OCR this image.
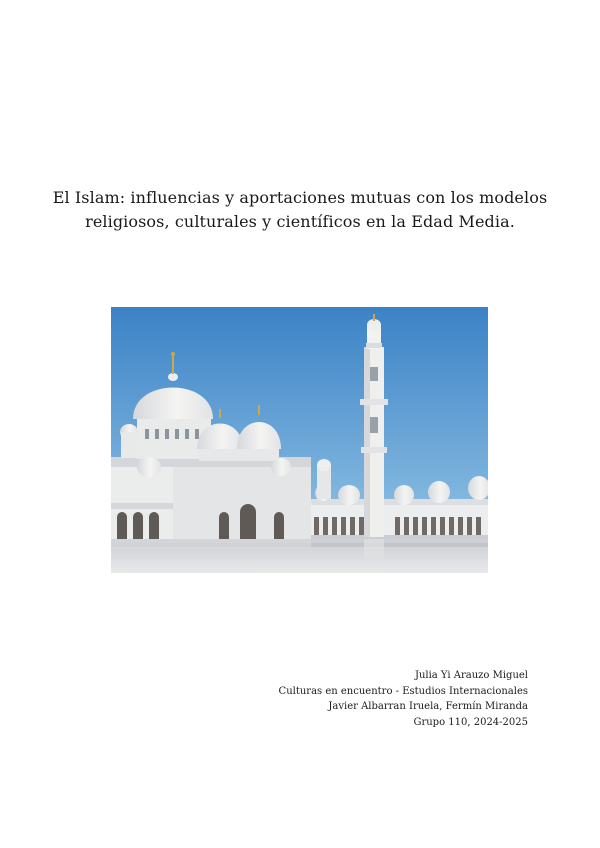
El Islam: influencias y aportaciones mutuas con los modelos
religiosos, culturales y científicos en la Edad Media.
Julia Yi Arauzo Miguel
Culturas en encuentro - Estudios Internacionales
Javier Albarran Iruela, Fermín Miranda
Grupo 110, 2024-2025
